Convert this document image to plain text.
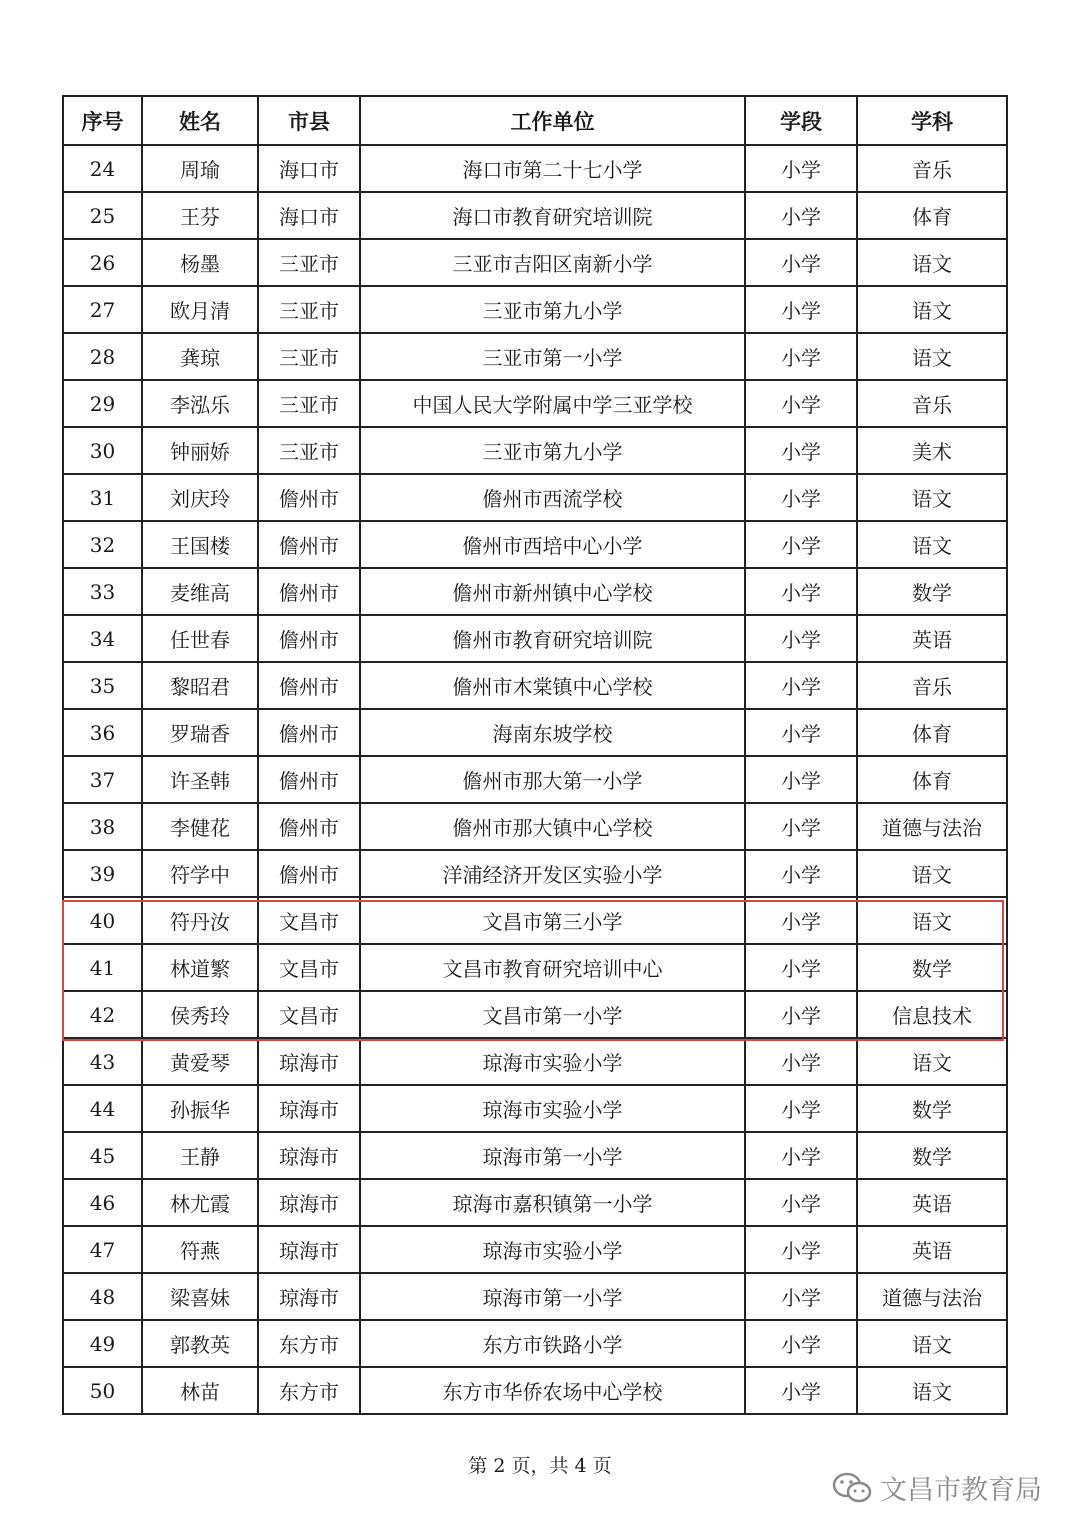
序号	姓名	市县	工作单位	学段	学科
24	周瑜	海口市	海口市第二十七小学	小学	音乐
25	王芬	海口市	海口市教育研究培训院	小学	体育
26	杨墨	三亚市	三亚市吉阳区南新小学	小学	语文
27	欧月清	三亚市	三亚市第九小学	小学	语文
28	龚琼	三亚市	三亚市第一小学	小学	语文
29	李泓乐	三亚市	中国人民大学附属中学三亚学校	小学	音乐
30	钟丽娇	三亚市	三亚市第九小学	小学	美术
31	刘庆玲	儋州市	儋州市西流学校	小学	语文
32	王国楼	儋州市	儋州市西培中心小学	小学	语文
33	麦维高	儋州市	儋州市新州镇中心学校	小学	数学
34	任世春	儋州市	儋州市教育研究培训院	小学	英语
35	黎昭君	儋州市	儋州市木棠镇中心学校	小学	音乐
36	罗瑞香	儋州市	海南东坡学校	小学	体育
37	许圣韩	儋州市	儋州市那大第一小学	小学	体育
38	李健花	儋州市	儋州市那大镇中心学校	小学	道德与法治
39	符学中	儋州市	洋浦经济开发区实验小学	小学	语文
40	符丹汝	文昌市	文昌市第三小学	小学	语文
41	林道繁	文昌市	文昌市教育研究培训中心	小学	数学
42	侯秀玲	文昌市	文昌市第一小学	小学	信息技术
43	黄爱琴	琼海市	琼海市实验小学	小学	语文
44	孙振华	琼海市	琼海市实验小学	小学	数学
45	王静	琼海市	琼海市第一小学	小学	数学
46	林尤霞	琼海市	琼海市嘉积镇第一小学	小学	英语
47	符燕	琼海市	琼海市实验小学	小学	英语
48	梁喜妹	琼海市	琼海市第一小学	小学	道德与法治
49	郭教英	东方市	东方市铁路小学	小学	语文
50	林苗	东方市	东方市华侨农场中心学校	小学	语文
第 2 页，共 4 页
文昌市教育局
